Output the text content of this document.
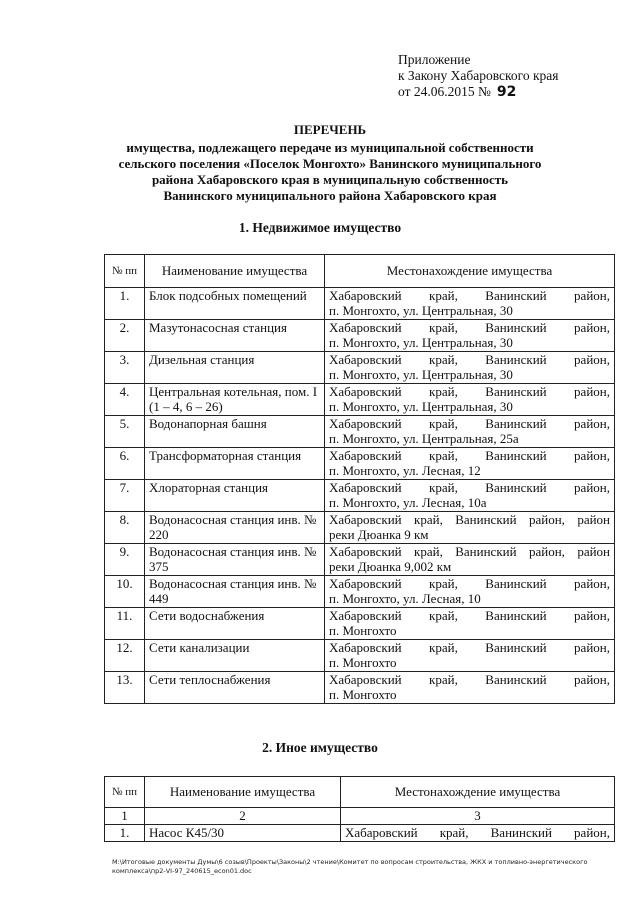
Приложение
к Закону Хабаровского края
от 24.06.2015 № 92
ПЕРЕЧЕНЬ
имущества, подлежащего передаче из муниципальной собственности
сельского поселения «Поселок Монгохто» Ванинского муниципального
района Хабаровского края в муниципальную собственность
Ванинского муниципального района Хабаровского края
1. Недвижимое имущество
№ пп	Наименование имущества	Местонахождение имущества
1.	Блок подсобных помещений	Хабаровский край, Ванинский район,
п. Монгохто, ул. Центральная, 30

2.	Мазутонасосная станция	Хабаровский край, Ванинский район,
п. Монгохто, ул. Центральная, 30

3.	Дизельная станция	Хабаровский край, Ванинский район,
п. Монгохто, ул. Центральная, 30

4.	Центральная котельная, пом. I (1 – 4, 6 – 26)	Хабаровский край, Ванинский район,
п. Монгохто, ул. Центральная, 30

5.	Водонапорная башня	Хабаровский край, Ванинский район,
п. Монгохто, ул. Центральная, 25а

6.	Трансформаторная станция	Хабаровский край, Ванинский район,
п. Монгохто, ул. Лесная, 12

7.	Хлораторная станция	Хабаровский край, Ванинский район,
п. Монгохто, ул. Лесная, 10а

8.	Водонасосная станция инв. № 220	Хабаровский край, Ванинский район, район
реки Дюанка 9 км

9.	Водонасосная станция инв. № 375	Хабаровский край, Ванинский район, район
реки Дюанка 9,002 км

10.	Водонасосная станция инв. № 449	Хабаровский край, Ванинский район,
п. Монгохто, ул. Лесная, 10

11.	Сети водоснабжения	Хабаровский край, Ванинский район,
п. Монгохто

12.	Сети канализации	Хабаровский край, Ванинский район,
п. Монгохто

13.	Сети теплоснабжения	Хабаровский край, Ванинский район,
п. Монгохто
2. Иное имущество
№ пп	Наименование имущества	Местонахождение имущества
1	2	3
1.	Насос К45/30	Хабаровский край, Ванинский район,
M:\Итоговые документы Думы\6 созыв\Проекты\Законы\2 чтение\Комитет по вопросам строительства, ЖКХ и топливно-энергетического комплекса\пр2-VI-97_240615_econ01.doc
